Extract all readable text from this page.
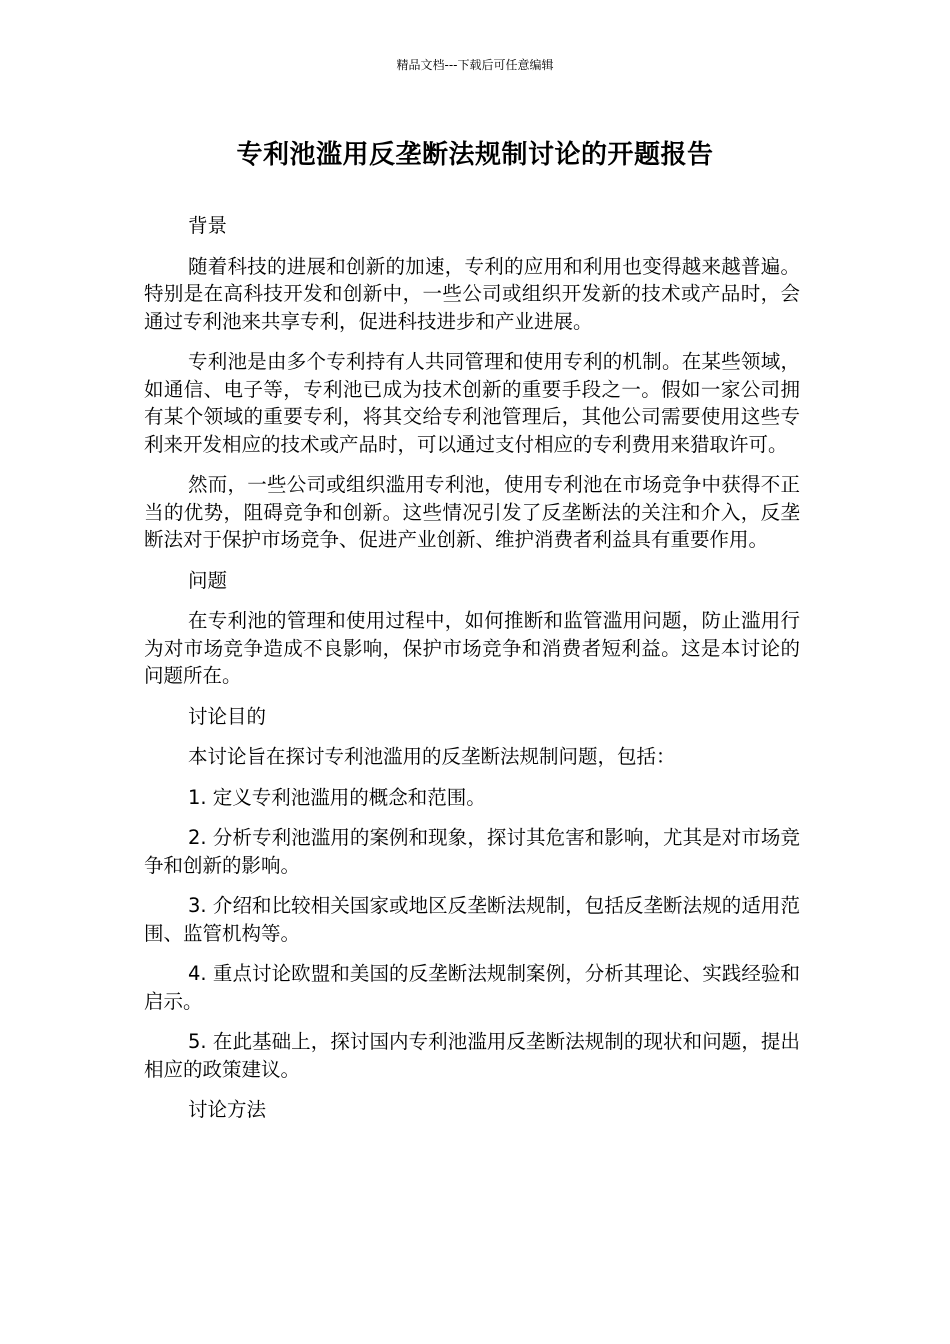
精品文档---下载后可任意编辑
专利池滥用反垄断法规制讨论的开题报告

背景

随着科技的进展和创新的加速，专利的应用和利用也变得越来越普遍。特别是在高科技开发和创新中，一些公司或组织开发新的技术或产品时，会通过专利池来共享专利，促进科技进步和产业进展。

专利池是由多个专利持有人共同管理和使用专利的机制。在某些领域，如通信、电子等，专利池已成为技术创新的重要手段之一。假如一家公司拥有某个领域的重要专利，将其交给专利池管理后，其他公司需要使用这些专利来开发相应的技术或产品时，可以通过支付相应的专利费用来猎取许可。

然而，一些公司或组织滥用专利池，使用专利池在市场竞争中获得不正当的优势，阻碍竞争和创新。这些情况引发了反垄断法的关注和介入，反垄断法对于保护市场竞争、促进产业创新、维护消费者利益具有重要作用。

问题

在专利池的管理和使用过程中，如何推断和监管滥用问题，防止滥用行为对市场竞争造成不良影响，保护市场竞争和消费者短利益。这是本讨论的问题所在。

讨论目的

本讨论旨在探讨专利池滥用的反垄断法规制问题，包括：

1. 定义专利池滥用的概念和范围。

2. 分析专利池滥用的案例和现象，探讨其危害和影响，尤其是对市场竞争和创新的影响。

3. 介绍和比较相关国家或地区反垄断法规制，包括反垄断法规的适用范围、监管机构等。

4. 重点讨论欧盟和美国的反垄断法规制案例，分析其理论、实践经验和启示。

5. 在此基础上，探讨国内专利池滥用反垄断法规制的现状和问题，提出相应的政策建议。

讨论方法
